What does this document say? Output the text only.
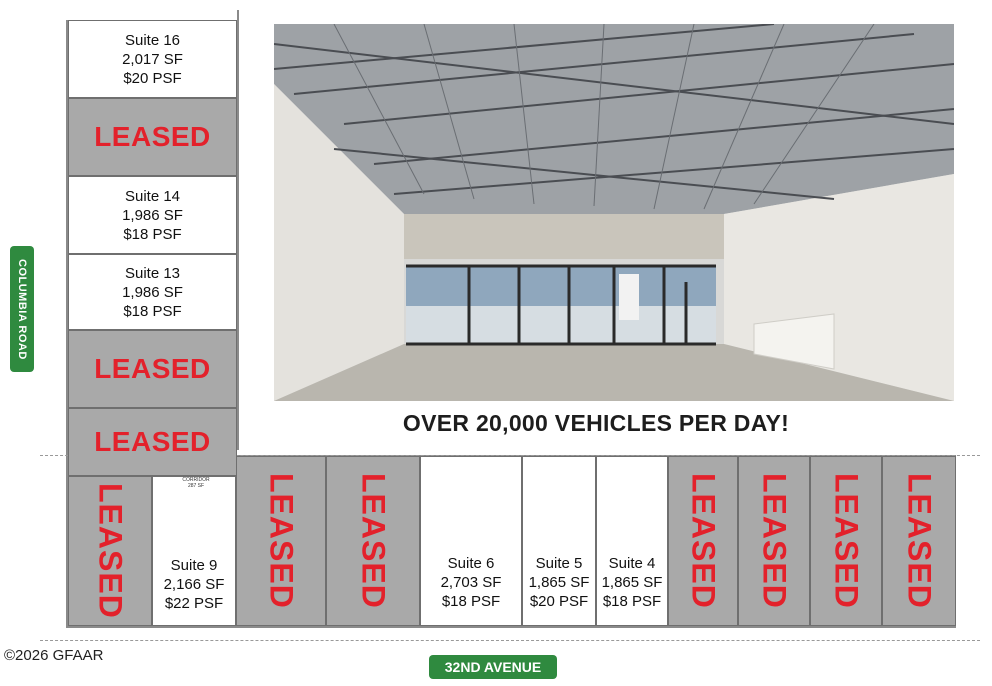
Suite 16
2,017 SF
$20 PSF
LEASED
Suite 14
1,986 SF
$18 PSF
Suite 13
1,986 SF
$18 PSF
LEASED
LEASED
LEASED	Suite 9
2,166 SF
$22 PSF
CORRIDOR
287 SF	LEASED LEASED	Suite 6
2,703 SF
$18 PSF
Suite 5
1,865 SF
$20 PSF
Suite 4
1,865 SF
$18 PSF LEASED LEASED LEASED LEASED
OVER 20,000 VEHICLES PER DAY!
COLUMBIA ROAD
32ND AVENUE
©2026 GFAAR
